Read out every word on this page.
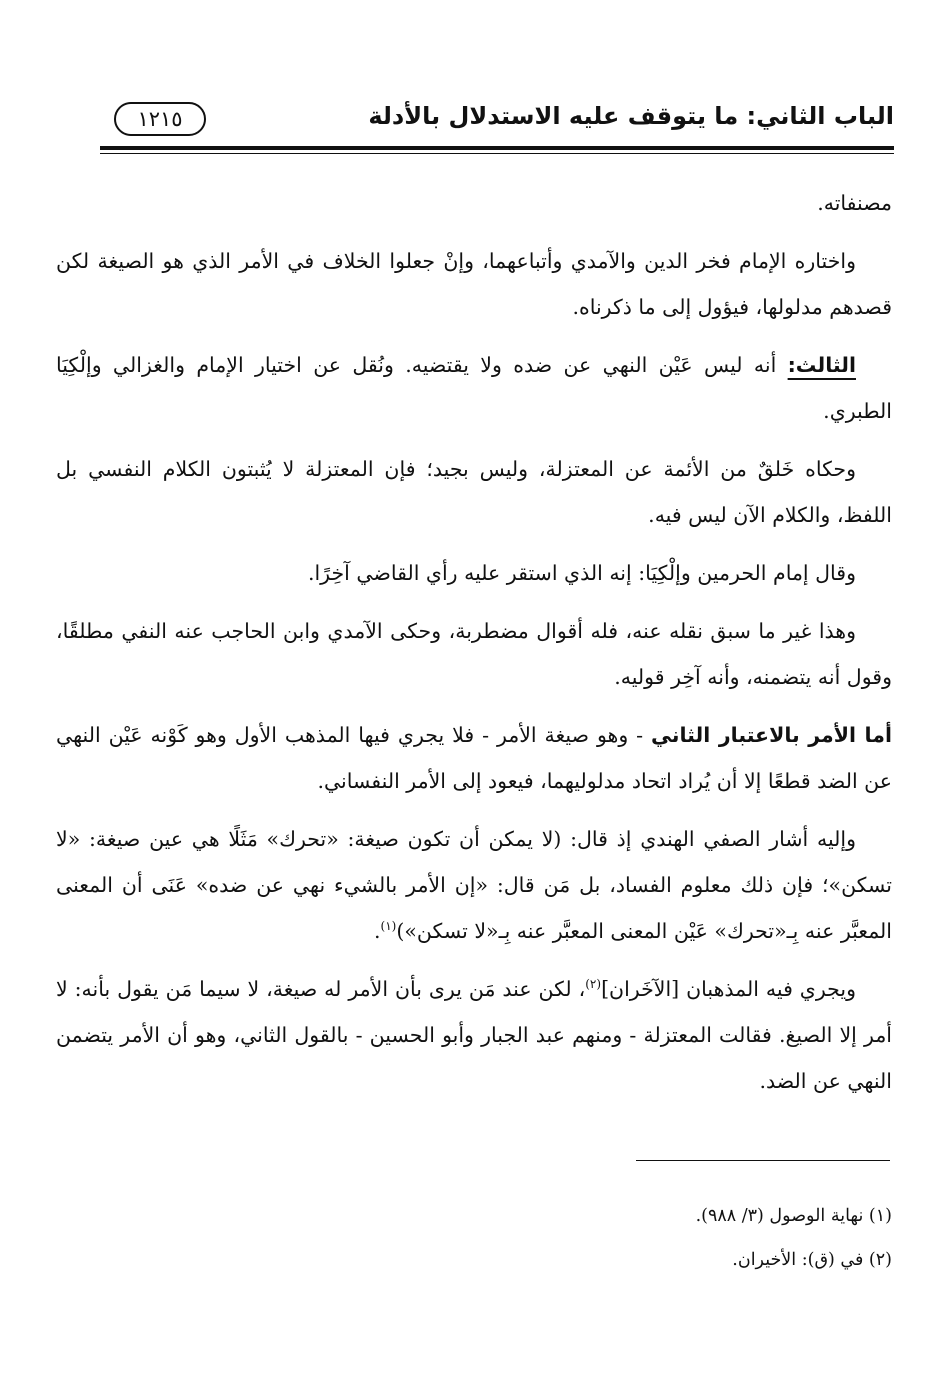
الباب الثاني: ما يتوقف عليه الاستدلال بالأدلة
١٢١٥

مصنفاته.

واختاره الإمام فخر الدين والآمدي وأتباعهما، وإنْ جعلوا الخلاف في الأمر الذي هو الصيغة لكن قصدهم مدلولها، فيؤول إلى ما ذكرناه.

الثالث: أنه ليس عَيْن النهي عن ضده ولا يقتضيه. ونُقل عن اختيار الإمام والغزالي وإلْكِيَا الطبري.

وحكاه خَلقٌ من الأئمة عن المعتزلة، وليس بجيد؛ فإن المعتزلة لا يُثبتون الكلام النفسي بل اللفظ، والكلام الآن ليس فيه.

وقال إمام الحرمين وإلْكِيَا: إنه الذي استقر عليه رأي القاضي آخِرًا.

وهذا غير ما سبق نقله عنه، فله أقوال مضطربة، وحكى الآمدي وابن الحاجب عنه النفي مطلقًا، وقول أنه يتضمنه، وأنه آخِر قوليه.

أما الأمر بالاعتبار الثاني - وهو صيغة الأمر - فلا يجري فيها المذهب الأول وهو كَوْنه عَيْن النهي عن الضد قطعًا إلا أن يُراد اتحاد مدلوليهما، فيعود إلى الأمر النفساني.

وإليه أشار الصفي الهندي إذ قال: (لا يمكن أن تكون صيغة: «تحرك» مَثَلًا هي عين صيغة: «لا تسكن»؛ فإن ذلك معلوم الفساد، بل مَن قال: «إن الأمر بالشيء نهي عن ضده» عَنَى أن المعنى المعبَّر عنه بِـ«تحرك» عَيْن المعنى المعبَّر عنه بِـ«لا تسكن»)$^{(١)}$.

ويجري فيه المذهبان [الآخَران]$^{(٢)}$، لكن عند مَن يرى بأن الأمر له صيغة، لا سيما مَن يقول بأنه: لا أمر إلا الصيغ. فقالت المعتزلة - ومنهم عبد الجبار وأبو الحسين - بالقول الثاني، وهو أن الأمر يتضمن النهي عن الضد.

(١) نهاية الوصول (٣/ ٩٨٨).

(٢) في (ق): الأخيران.
